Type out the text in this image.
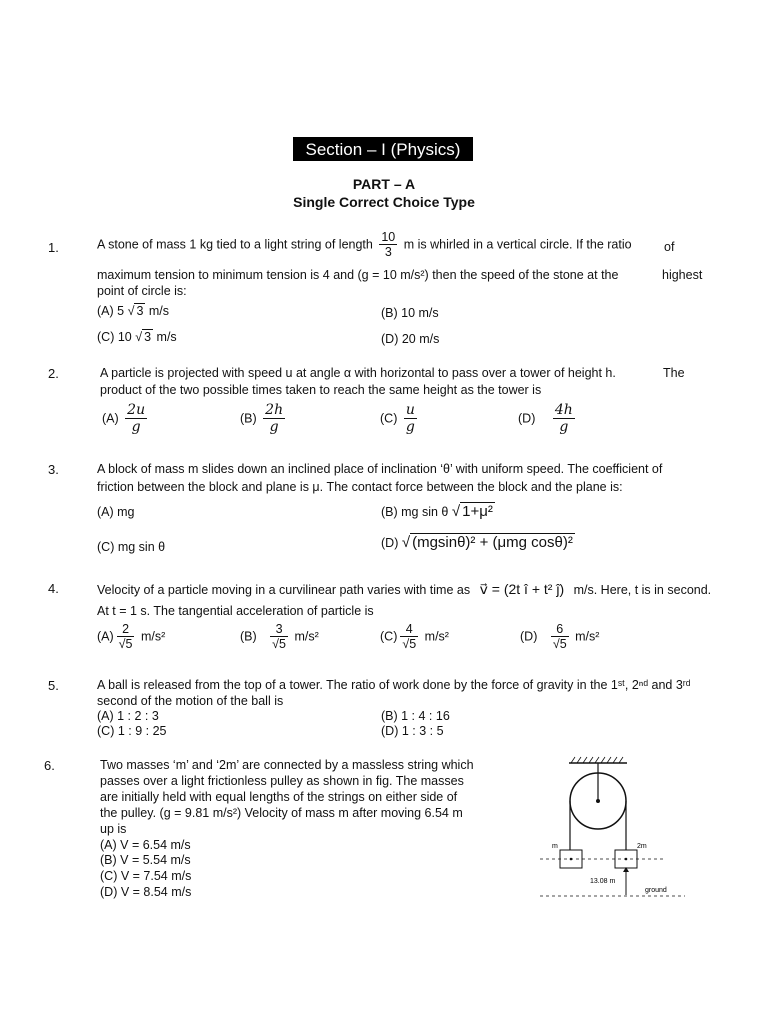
Section – I (Physics)
PART – A
Single Correct Choice Type
1.	A stone of mass 1 kg tied to a light string of length $\frac{10}{3}$ m is whirled in a vertical circle. If the ratio	of
maximum tension to minimum tension is 4 and (g = 10 m/s²) then the speed of the stone at the	highest
point of circle is:
(A) 5 √ 3 m/s	(B) 10 m/s
(C) 10 √ 3 m/s	(D) 20 m/s
2.	A particle is projected with speed u at angle α with horizontal to pass over a tower of height h.	The
product of the two possible times taken to reach the same height as the tower is
$(A) \frac{2u}{g}$	$(B) \frac{2h}{g}$	$(C) \frac{u}{g}$	$(D) \frac{4h}{g}$
3.	A block of mass m slides down an inclined place of inclination ‘θ’ with uniform speed. The coefficient of
friction between the block and plane is μ. The contact force between the block and the plane is:
(A) mg	(B) mg sin θ √ 1+μ²
(C) mg sin θ	(D) √ (mgsinθ)² + (μmg cosθ)²
4.	Velocity of a particle moving in a curvilinear path varies with time as v⃗ = (2t î + t² ĵ) m/s. Here, t is in second.
At t = 1 s. The tangential acceleration of particle is
$(A) \frac{2}{√5} m/s^2$	$(B) \frac{3}{√5} m/s^2$	$(C) \frac{4}{√5} m/s^2$	$(D) \frac{6}{√5} m/s^2$
5.	A ball is released from the top of a tower. The ratio of work done by the force of gravity in the 1ˢᵗ, 2ⁿᵈ and 3ʳᵈ
second of the motion of the ball is
(A) 1 : 2 : 3	(B) 1 : 4 : 16
(C) 1 : 9 : 25	(D) 1 : 3 : 5
6.	Two masses ‘m’ and ‘2m’ are connected by a massless string which
passes over a light frictionless pulley as shown in fig. The masses
are initially held with equal lengths of the strings on either side of
the pulley. (g = 9.81 m/s²) Velocity of mass m after moving 6.54 m
up is
(A) V = 6.54 m/s
(B) V = 5.54 m/s
(C) V = 7.54 m/s
(D) V = 8.54 m/s
m	2m
13.08 m
ground
